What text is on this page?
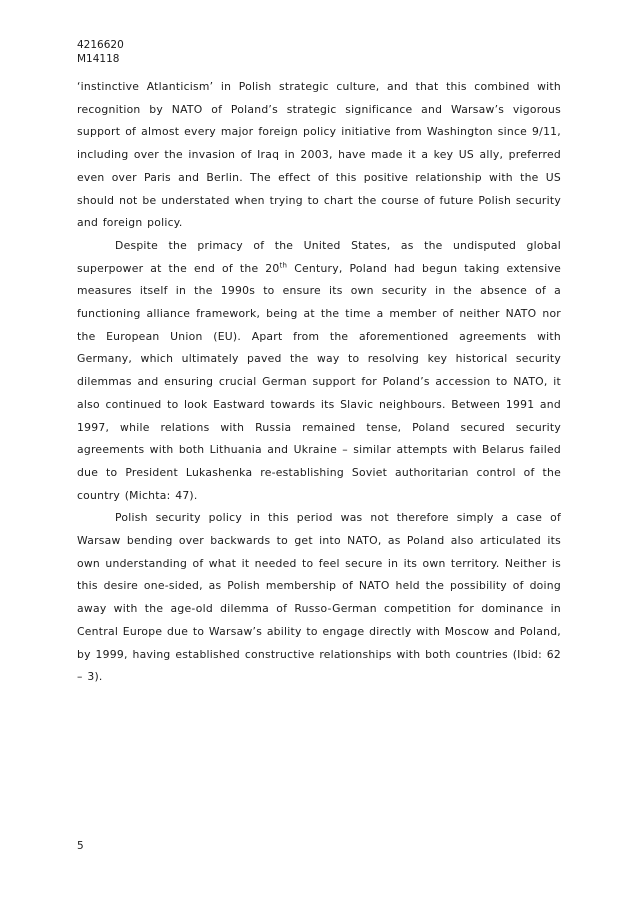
4216620
M14118

‘instinctive Atlanticism’ in Polish strategic culture, and that this combined with recognition by NATO of Poland’s strategic significance and Warsaw’s vigorous support of almost every major foreign policy initiative from Washington since 9/11, including over the invasion of Iraq in 2003, have made it a key US ally, preferred even over Paris and Berlin. The effect of this positive relationship with the US should not be understated when trying to chart the course of future Polish security and foreign policy.

Despite the primacy of the United States, as the undisputed global superpower at the end of the 20th Century, Poland had begun taking extensive measures itself in the 1990s to ensure its own security in the absence of a functioning alliance framework, being at the time a member of neither NATO nor the European Union (EU). Apart from the aforementioned agreements with Germany, which ultimately paved the way to resolving key historical security dilemmas and ensuring crucial German support for Poland’s accession to NATO, it also continued to look Eastward towards its Slavic neighbours. Between 1991 and 1997, while relations with Russia remained tense, Poland secured security agreements with both Lithuania and Ukraine – similar attempts with Belarus failed due to President Lukashenka re-establishing Soviet authoritarian control of the country (Michta: 47).

Polish security policy in this period was not therefore simply a case of Warsaw bending over backwards to get into NATO, as Poland also articulated its own understanding of what it needed to feel secure in its own territory. Neither is this desire one-sided, as Polish membership of NATO held the possibility of doing away with the age-old dilemma of Russo-German competition for dominance in Central Europe due to Warsaw’s ability to engage directly with Moscow and Poland, by 1999, having established constructive relationships with both countries (Ibid: 62 – 3).

5
